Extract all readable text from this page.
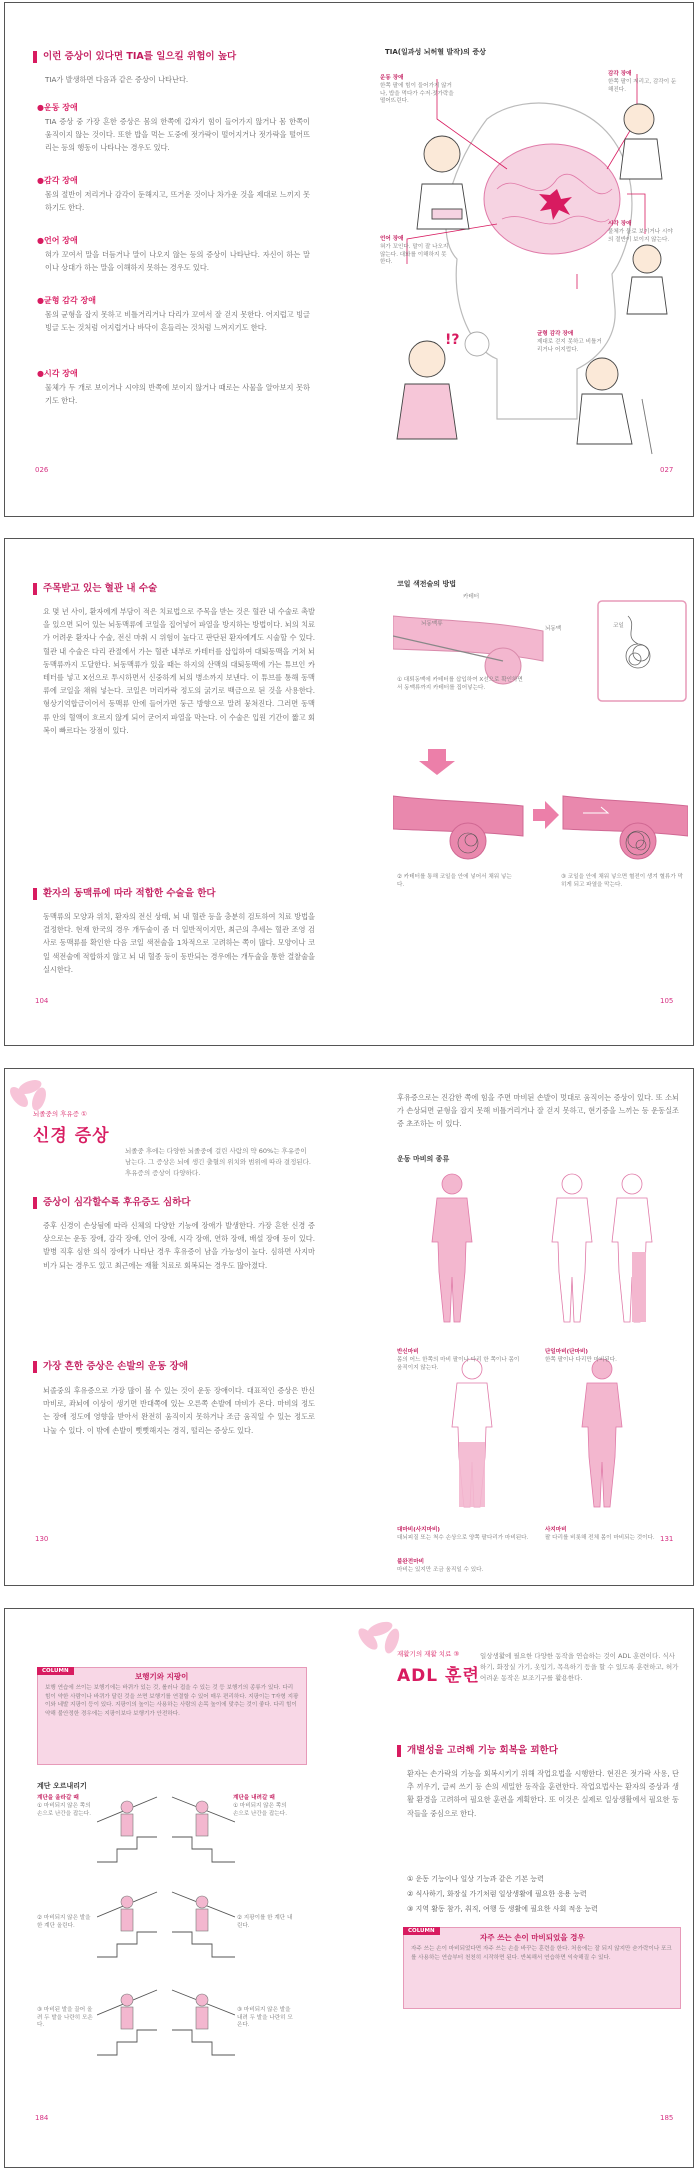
이런 증상이 있다면 TIA를 일으킬 위험이 높다

TIA가 발생하면 다음과 같은 증상이 나타난다.

●운동 장애

TIA 증상 중 가장 흔한 증상은 몸의 한쪽에 갑자기 힘이 들어가지 않거나 몸 한쪽이 움직이지 않는 것이다. 또한 밥을 먹는 도중에 젓가락이 떨어지거나 젓가락을 떨어뜨리는 등의 행동이 나타나는 경우도 있다.

●감각 장애

몸의 절반이 저리거나 감각이 둔해지고, 뜨거운 것이나 차가운 것을 제대로 느끼지 못하기도 한다.

●언어 장애

혀가 꼬여서 말을 더듬거나 말이 나오지 않는 등의 증상이 나타난다. 자신이 하는 말이나 상대가 하는 말을 이해하지 못하는 경우도 있다.

●균형 감각 장애

몸의 균형을 잡지 못하고 비틀거리거나 다리가 꼬여서 잘 걷지 못한다. 어지럽고 빙글빙글 도는 것처럼 어지럽거나 바닥이 흔들리는 것처럼 느껴지기도 한다.

●시각 장애

물체가 두 개로 보이거나 시야의 반쪽에 보이지 않거나 때로는 사물을 알아보지 못하기도 한다.

026	027
TIA(일과성 뇌허혈 발작)의 증상
!?
운동 장애
한쪽 팔에 힘이 들어가지 않거나, 밥을 먹다가 수저·젓가락을 떨어뜨린다.
감각 장애
한쪽 팔이 저리고, 감각이 둔해진다.
시각 장애
물체가 둘로 보이거나 시야의 절반이 보이지 않는다.
언어 장애
혀가 꼬인다. 말이 잘 나오지 않는다. 대화를 이해하지 못한다.
균형 감각 장애
제대로 걷지 못하고 비틀거리거나 어지럽다.
주목받고 있는 혈관 내 수술

요 몇 년 사이, 환자에게 부담이 적은 치료법으로 주목을 받는 것은 혈관 내 수술로 촉발을 있으면 되어 있는 뇌동맥류에 코일을 집어넣어 파열을 방지하는 방법이다. 뇌의 치료가 어려운 환자나 수술, 전신 마취 시 위험이 높다고 판단된 환자에게도 시술할 수 있다. 혈관 내 수술은 다리 관절에서 가는 혈관 내부로 카테터를 삽입하여 대퇴동맥을 거쳐 뇌동맥류까지 도달한다. 뇌동맥류가 있을 때는 하지의 산맥의 대퇴동맥에 가는 튜브인 카테터를 넣고 X선으로 투시하면서 신중하게 뇌의 병소까지 보낸다. 이 튜브를 통해 동맥류에 코일을 채워 넣는다. 코일은 머리카락 정도의 굵기로 백금으로 된 것을 사용한다. 형상기억합금이어서 동맥류 안에 들어가면 둥근 방향으로 말려 뭉쳐진다. 그러면 동맥류 안의 혈액이 흐르지 않게 되어 굳어져 파열을 막는다. 이 수술은 입원 기간이 짧고 회복이 빠르다는 장점이 있다.

환자의 동맥류에 따라 적합한 수술을 한다

동맥류의 모양과 위치, 환자의 전신 상태, 뇌 내 혈관 등을 충분히 검토하여 치료 방법을 결정한다. 현재 한국의 경우 개두술이 좀 더 일반적이지만, 최근의 추세는 혈관 조영 검사로 동맥류를 확인한 다음 코일 색전술을 1차적으로 고려하는 쪽이 많다. 모양이나 코일 색전술에 적합하지 않고 뇌 내 혈종 등이 동반되는 경우에는 개두술을 통한 결찰술을 실시한다.

104	105
코일 색전술의 방법
카테터
뇌동맥류
뇌동맥	코일
① 대퇴동맥에 카테터를 삽입하여 X선으로 확인하면서 동맥류까지 카테터를 집어넣는다.
② 카테터를 통해 코일을 안에 넣어서 채워 넣는다.
③ 코일을 안에 채워 넣으면 혈전이 생겨 혈류가 막히게 되고 파열을 막는다.
뇌졸중의 후유증 ①
신경 증상
뇌졸중 후에는 다양한 뇌졸중에 걸린 사람의 약 60%는 후유증이 남는다. 그 증상은 뇌에 생긴 출혈의 위치와 범위에 따라 결정된다. 후유증의 증상이 다양하다.
증상이 심각할수록 후유증도 심하다

증후 신경이 손상됨에 따라 신체의 다양한 기능에 장애가 발생한다. 가장 흔한 신경 증상으로는 운동 장애, 감각 장애, 언어 장애, 시각 장애, 연하 장애, 배설 장애 등이 있다. 발병 직후 심한 의식 장애가 나타난 경우 후유증이 남을 가능성이 높다. 심하면 사지마비가 되는 경우도 있고 최근에는 재활 치료로 회복되는 경우도 많아졌다.

가장 흔한 증상은 손발의 운동 장애

뇌졸중의 후유증으로 가장 많이 볼 수 있는 것이 운동 장애이다. 대표적인 증상은 반신마비로, 좌뇌에 이상이 생기면 반대쪽에 있는 오른쪽 손발에 마비가 온다. 마비의 정도는 장애 정도에 영향을 받아서 완전히 움직이지 못하거나 조금 움직일 수 있는 정도로 나눌 수 있다. 이 밖에 손발이 뻣뻣해지는 경직, 떨리는 증상도 있다.

후유증으로는 진감한 쪽에 힘을 주면 마비된 손발이 멋대로 움직이는 증상이 있다. 또 소뇌가 손상되면 균형을 잡지 못해 비틀거리거나 잘 걷지 못하고, 현기증을 느끼는 등 운동실조증 초조하는 이 있다.

운동 마비의 종류
반신마비
몸의 어느 한쪽의 마비 팔이나 다리 한 쪽이나 몸이 움직이지 않는다.
단일마비(단마비)
한쪽 팔이나 다리만 마비된다.
대마비(사지마비)
대뇌피질 또는 척수 손상으로 양쪽 팔다리가 마비된다.
사지마비
팔 다리를 비롯해 전체 몸이 마비되는 것이다.
불완전마비
마비는 있지만 조금 움직일 수 있다.
130	131
COLUMN
보행기와 지팡이
보행 연습에 쓰이는 보행기에는 바퀴가 있는 것, 롤러나 접을 수 있는 것 등 보행기의 종류가 있다. 다리 힘이 약한 사람이나 바퀴가 달린 것을 쓰면 보행기를 연결할 수 있어 매우 편리하다. 지팡이는 T자형 지팡이와 네발 지팡이 등이 있다. 지팡이의 높이는 사용하는 사람의 손목 높이에 맞추는 것이 좋다. 다리 힘이 약해 불안정한 경우에는 지팡이보다 보행기가 안전하다.
계단 오르내리기
계단을 올라갈 때
① 마비되지 않은 쪽의 손으로 난간을 잡는다.
계단을 내려갈 때
① 마비되지 않은 쪽의 손으로 난간을 잡는다.
② 마비되지 않은 발을 한 계단 올린다.
② 지팡이를 한 계단 내린다.
③ 마비된 발을 끌어 올려 두 발을 나란히 모은다.
③ 마비되지 않은 발을 내려 두 발을 나란히 모은다.
재활기의 재활 치료 ③
ADL 훈련
일상생활에 필요한 다양한 동작을 연습하는 것이 ADL 훈련이다. 식사하기, 화장실 가기, 옷입기, 목욕하기 등을 할 수 있도록 훈련하고, 허가 어려운 동작은 보조기구를 활용한다.
개별성을 고려해 기능 회복을 꾀한다

환자는 손가락의 기능을 회복시키기 위해 작업요법을 시행한다. 현진은 젓가락 사용, 단추 끼우기, 글씨 쓰기 등 손의 세밀한 동작을 훈련한다. 작업요법사는 환자의 증상과 생활 환경을 고려하여 필요한 훈련을 계획한다. 또 이것은 실제로 일상생활에서 필요한 동작들을 중심으로 한다.

① 운동 기능이나 일상 기능과 같은 기본 능력
② 식사하기, 화장실 가기처럼 일상생활에 필요한 응용 능력
③ 지역 활동 참가, 취직, 여행 등 생활에 필요한 사회 적응 능력
COLUMN
자주 쓰는 손이 마비되었을 경우
자주 쓰는 손이 마비되었다면 자주 쓰는 손을 바꾸는 훈련을 한다. 처음에는 잘 되지 않지만 숟가락이나 포크를 사용하는 연습부터 천천히 시작하면 된다. 반복해서 연습하면 익숙해질 수 있다.
184	185
